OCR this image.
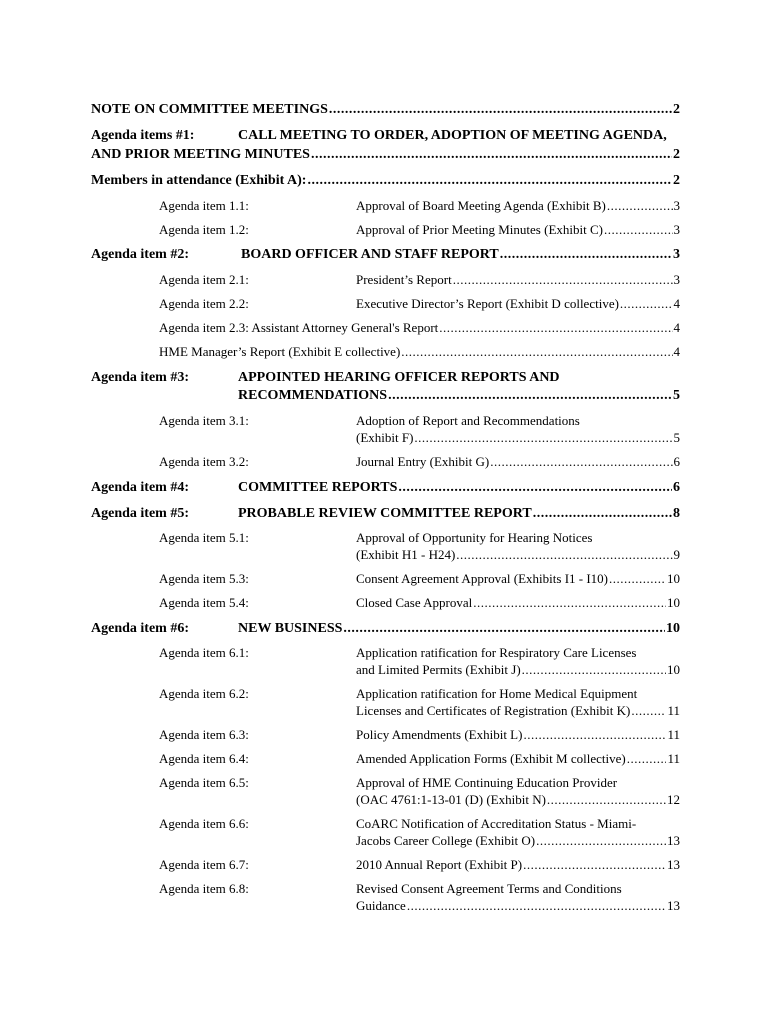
NOTE ON COMMITTEE MEETINGS .....	2
Agenda items #1:	CALL MEETING TO ORDER, ADOPTION OF MEETING AGENDA,
AND PRIOR MEETING MINUTES .....	2
Members in attendance (Exhibit A): .....	2
Agenda item 1.1:	Approval of Board Meeting Agenda (Exhibit B) .....	3
Agenda item 1.2:	Approval of Prior Meeting Minutes (Exhibit C) .....	3
Agenda item #2:	BOARD OFFICER AND STAFF REPORT .....	3
Agenda item 2.1:	President’s Report .....	3
Agenda item 2.2:	Executive Director’s Report (Exhibit D collective) .....	4
Agenda item 2.3: Assistant Attorney General's Report .....	4
HME Manager’s Report (Exhibit E collective) .....	4
Agenda item #3:	APPOINTED HEARING OFFICER REPORTS AND
RECOMMENDATIONS .....	5
Agenda item 3.1:	Adoption of Report and Recommendations
(Exhibit F) .....	5
Agenda item 3.2:	Journal Entry (Exhibit G) .....	6
Agenda item #4:	COMMITTEE REPORTS .....	6
Agenda item #5:	PROBABLE REVIEW COMMITTEE REPORT .....	8
Agenda item 5.1:	Approval of Opportunity for Hearing Notices
(Exhibit H1 - H24) .....	9
Agenda item 5.3:	Consent Agreement Approval (Exhibits I1 - I10) .....	10
Agenda item 5.4:	Closed Case Approval .....	10
Agenda item #6:	NEW BUSINESS .....	10
Agenda item 6.1:	Application ratification for Respiratory Care Licenses
and Limited Permits (Exhibit J) .....	10
Agenda item 6.2:	Application ratification for Home Medical Equipment
Licenses and Certificates of Registration (Exhibit K) .....	11
Agenda item 6.3:	Policy Amendments (Exhibit L) .....	11
Agenda item 6.4:	Amended Application Forms (Exhibit M collective) .....	11
Agenda item 6.5:	Approval of HME Continuing Education Provider
(OAC 4761:1-13-01 (D) (Exhibit N) .....	12
Agenda item 6.6:	CoARC Notification of Accreditation Status - Miami-
Jacobs Career College (Exhibit O) .....	13
Agenda item 6.7:	2010 Annual Report (Exhibit P) .....	13
Agenda item 6.8:	Revised Consent Agreement Terms and Conditions
Guidance .....	13
